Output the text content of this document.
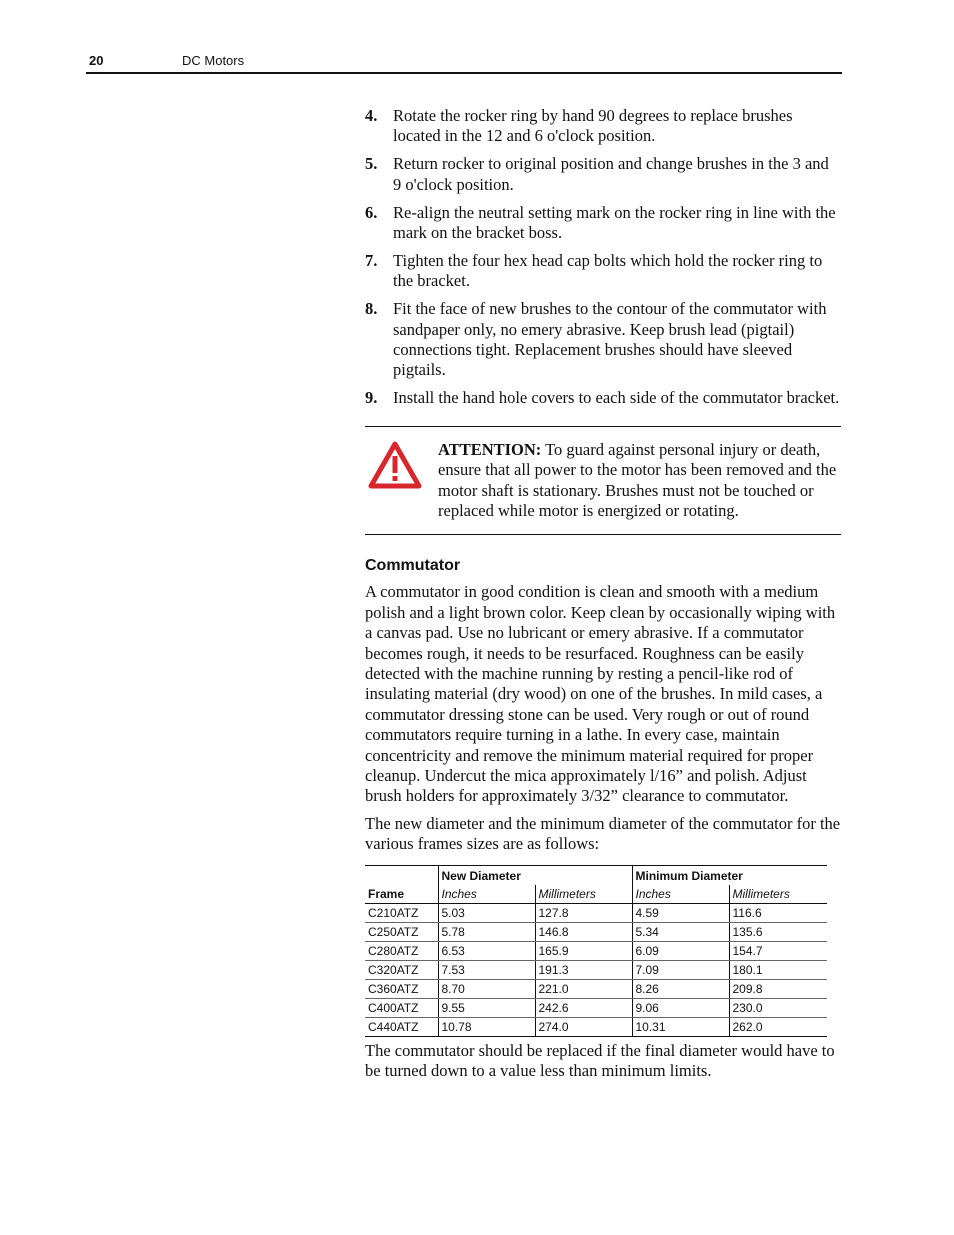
20	DC Motors
4. Rotate the rocker ring by hand 90 degrees to replace brushes located in the 12 and 6 o'clock position.
5. Return rocker to original position and change brushes in the 3 and 9 o'clock position.
6. Re-align the neutral setting mark on the rocker ring in line with the mark on the bracket boss.
7. Tighten the four hex head cap bolts which hold the rocker ring to the bracket.
8. Fit the face of new brushes to the contour of the commutator with sandpaper only, no emery abrasive. Keep brush lead (pigtail) connections tight. Replacement brushes should have sleeved pigtails.
9. Install the hand hole covers to each side of the commutator bracket.
ATTENTION: To guard against personal injury or death, ensure that all power to the motor has been removed and the motor shaft is stationary. Brushes must not be touched or replaced while motor is energized or rotating.
Commutator

A commutator in good condition is clean and smooth with a medium polish and a light brown color. Keep clean by occasionally wiping with a canvas pad. Use no lubricant or emery abrasive. If a commutator becomes rough, it needs to be resurfaced. Roughness can be easily detected with the machine running by resting a pencil-like rod of insulating material (dry wood) on one of the brushes. In mild cases, a commutator dressing stone can be used. Very rough or out of round commutators require turning in a lathe. In every case, maintain concentricity and remove the minimum material required for proper cleanup. Undercut the mica approximately l/16” and polish. Adjust brush holders for approximately 3/32” clearance to commutator.

The new diameter and the minimum diameter of the commutator for the various frames sizes are as follows:

Frame	New Diameter		Minimum Diameter	
	Inches	Millimeters	Inches	Millimeters
C210ATZ	5.03	127.8	4.59	116.6
C250ATZ	5.78	146.8	5.34	135.6
C280ATZ	6.53	165.9	6.09	154.7
C320ATZ	7.53	191.3	7.09	180.1
C360ATZ	8.70	221.0	8.26	209.8
C400ATZ	9.55	242.6	9.06	230.0
C440ATZ	10.78	274.0	10.31	262.0

The commutator should be replaced if the final diameter would have to be turned down to a value less than minimum limits.
